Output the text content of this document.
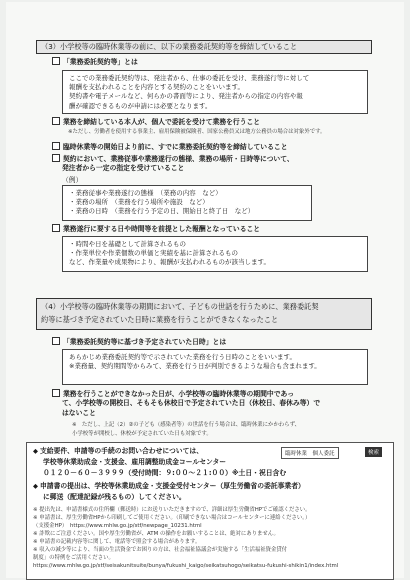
（3）小学校等の臨時休業等の前に、以下の業務委託契約等を締結していること
「業務委託契約等」とは
ここでの業務委託契約等は、発注者から、仕事の委託を受け、業務遂行等に対して
報酬を支払われることを内容とする契約のことをいいます。
契約書や電子メールなど、何らかの書面等により、発注者からの指定の内容や報
酬が確認できるものが申請には必要となります。
業務を締結している本人が、個人で委託を受けて業務を行うこと
※ただし、労働者を使用する事業主、雇用保険被保険者、国家公務員又は地方公務員の場合は対象外です。
臨時休業等の開始日より前に、すでに業務委託契約等を締結していること
契約において、業務従事や業務遂行の態様、業務の場所・日時等について、
発注者から一定の指定を受けていること
（例）
・業務従事や業務遂行の態様　（業務の内容　など）
・業務の場所　（業務を行う場所や施設　など）
・業務の日時　（業務を行う予定の日、開始日と終了日　など）
業務遂行に要する日や時間等を前提とした報酬となっていること
・時間や日を基礎として計算されるもの
・作業単位や作業個数の単価と実績を基に計算されるもの
など、作業量や成果物により、報酬が支払われるものが該当します。
（4）小学校等の臨時休業等の期間において、子どもの世話を行うために、業務委託契
約等に基づき予定されていた日時に業務を行うことができなくなったこと
「業務委託契約等に基づき予定されていた日時」とは
あらかじめ業務委託契約等で示されていた業務を行う日時のことをいいます。
※業務量、契約期間等からみて、業務を行う日が判別できるような場合も含まれます。
業務を行うことができなかった日が、小学校等の臨時休業等の期間中であっ
て、小学校等の開校日、そもそも休校日で予定されていた日（休校日、春休み等）で
はないこと
※　ただし、上記（2）②の子ども（感染者等）の世話を行う場合は、臨時休業にかかわらず、
小学校等が開校し、休校が予定されていた日も対象です。
◆ 支給要件、申請等の手続のお問い合わせについては、
学校等休業助成金・支援金、雇用調整助成金コールセンター
０１２０－６０－３９９９（受付時間：９:００～２１:００）※土日・祝日含む
臨時休業　個人委託	検索
◆ 申請書の提出は、学校等休業助成金・支援金受付センター（厚生労働省の委託事業者）
に郵送（配達記録が残るもの）してください。
※ 提出先は、申請書様式の住所欄（郵送時）にお送りいただきますので、詳細は厚生労働省HPでご確認ください。
※ 申請書は、厚生労働省HPから印刷してご使用ください。（印刷できない場合はコールセンターに連絡ください。）
（支援金HP）　https://www.mhlw.go.jp/stf/newpage_10231.html
※ 詐欺にご注意ください。国や厚生労働省が、ATM の操作をお願いすることは、絶対にありません。
※ 申請書の記載内容等に関して、電話等で照会する場合があります。
※ 収入の減少等により、当面の生活資金でお困りの方は、社会福祉協議会が実施する「生活福祉資金貸付
制度」の特例をご活用ください。
https://www.mhlw.go.jp/stf/seisakunitsuite/bunya/fukushi_kaigo/seikatsuhogo/seikatsu-fukushi-shikin1/index.html
